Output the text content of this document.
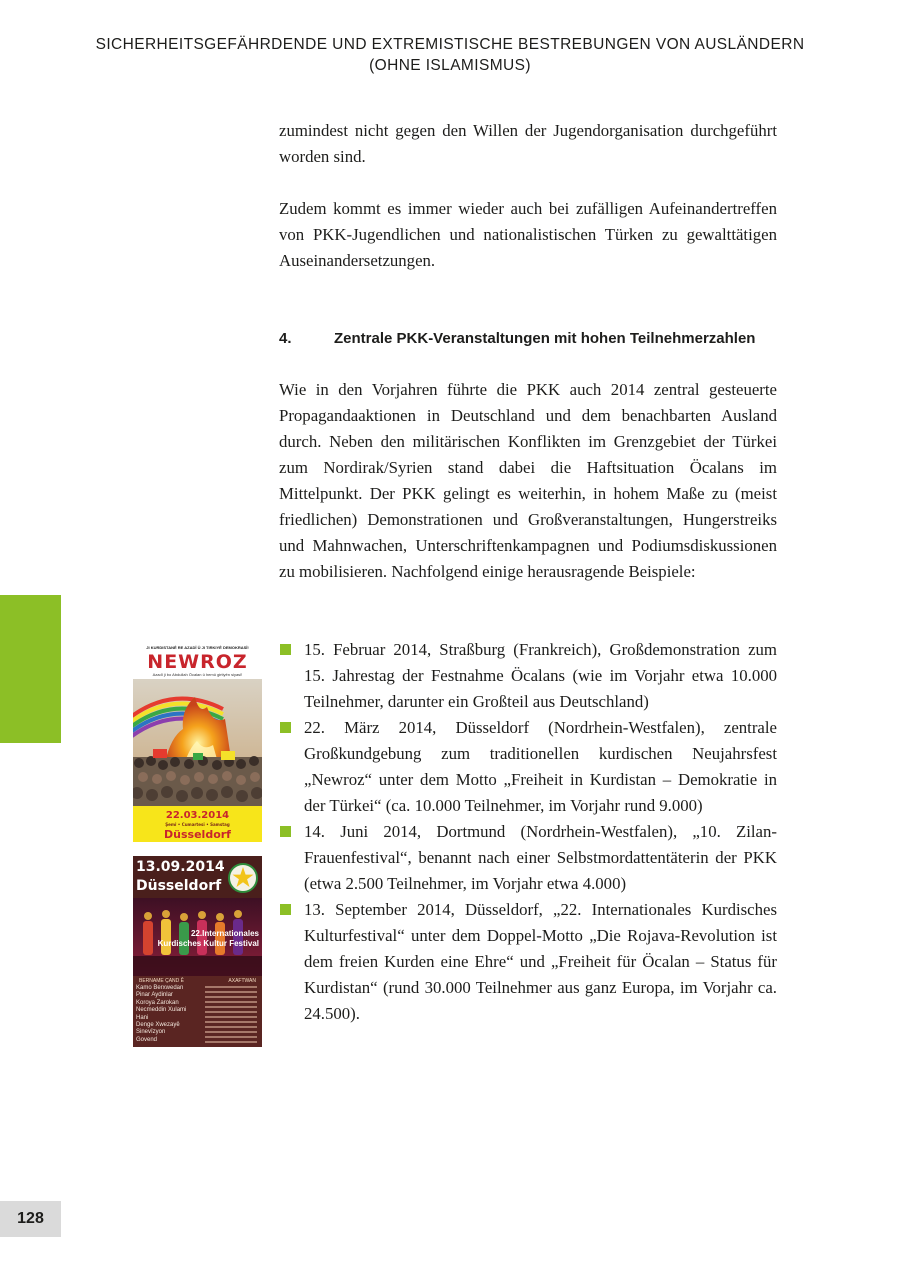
SICHERHEITSGEFÄHRDENDE UND EXTREMISTISCHE BESTREBUNGEN VON AUSLÄNDERN
(OHNE ISLAMISMUS)

zumindest nicht gegen den Willen der Jugendorganisation durchgeführt worden sind.

Zudem kommt es immer wieder auch bei zufälligen Aufeinandertreffen von PKK-Jugendlichen und nationalistischen Türken zu gewalttätigen Auseinandersetzungen.

4.	Zentrale PKK-Veranstaltungen mit hohen Teilnehmerzahlen

Wie in den Vorjahren führte die PKK auch 2014 zentral gesteuerte Propagandaaktionen in Deutschland und dem benachbarten Ausland durch. Neben den militärischen Konflikten im Grenzgebiet der Türkei zum Nordirak/Syrien stand dabei die Haftsituation Öcalans im Mittelpunkt. Der PKK gelingt es weiterhin, in hohem Maße zu (meist friedlichen) Demonstrationen und Großveranstaltungen, Hungerstreiks und Mahnwachen, Unterschriftenkampagnen und Podiumsdiskussionen zu mobilisieren. Nachfolgend einige herausragende Beispiele:

15. Februar 2014, Straßburg (Frankreich), Großdemonstration zum 15. Jahrestag der Festnahme Öcalans (wie im Vorjahr etwa 10.000 Teilnehmer, darunter ein Großteil aus Deutschland)
22. März 2014, Düsseldorf (Nordrhein-Westfalen), zentrale Großkundgebung zum traditionellen kurdischen Neujahrsfest „Newroz“ unter dem Motto „Freiheit in Kurdistan – Demokratie in der Türkei“ (ca. 10.000 Teilnehmer, im Vorjahr rund 9.000)
14. Juni 2014, Dortmund (Nordrhein-Westfalen), „10. Zilan-Frauenfestival“, benannt nach einer Selbstmordattentäterin der PKK (etwa 2.500 Teilnehmer, im Vorjahr etwa 4.000)
13. September 2014, Düsseldorf, „22. Internationales Kurdisches Kulturfestival“ unter dem Doppel-Motto „Die Rojava-Revolution ist dem freien Kurden eine Ehre“ und „Freiheit für Öcalan – Status für Kurdistan“ (rund 30.000 Teilnehmer aus ganz Europa, im Vorjahr ca. 24.500).
128
JI KURDISTANÊ RE AZADÎ Û JI TIRKIYÊ DEMOKRASÎ!
NEWROZ
Azadî ji bo Abdullah Öcalan û hemû girtiyên siyasî!
22.03.2014
Şemî • Cumartesi • Samstag
Düsseldorf
13.09.2014
Düsseldorf
22.Internationales
Kurdisches Kultur Festival
BERNAME ÇAND Ê	AXAFTWAN
Kamo Berxwedan
Pinar Aydinlar
Koroya Zarokan
Necmeddin Xulami
Hani
Denge Xwezayê
Sinevîzyon
Govend
